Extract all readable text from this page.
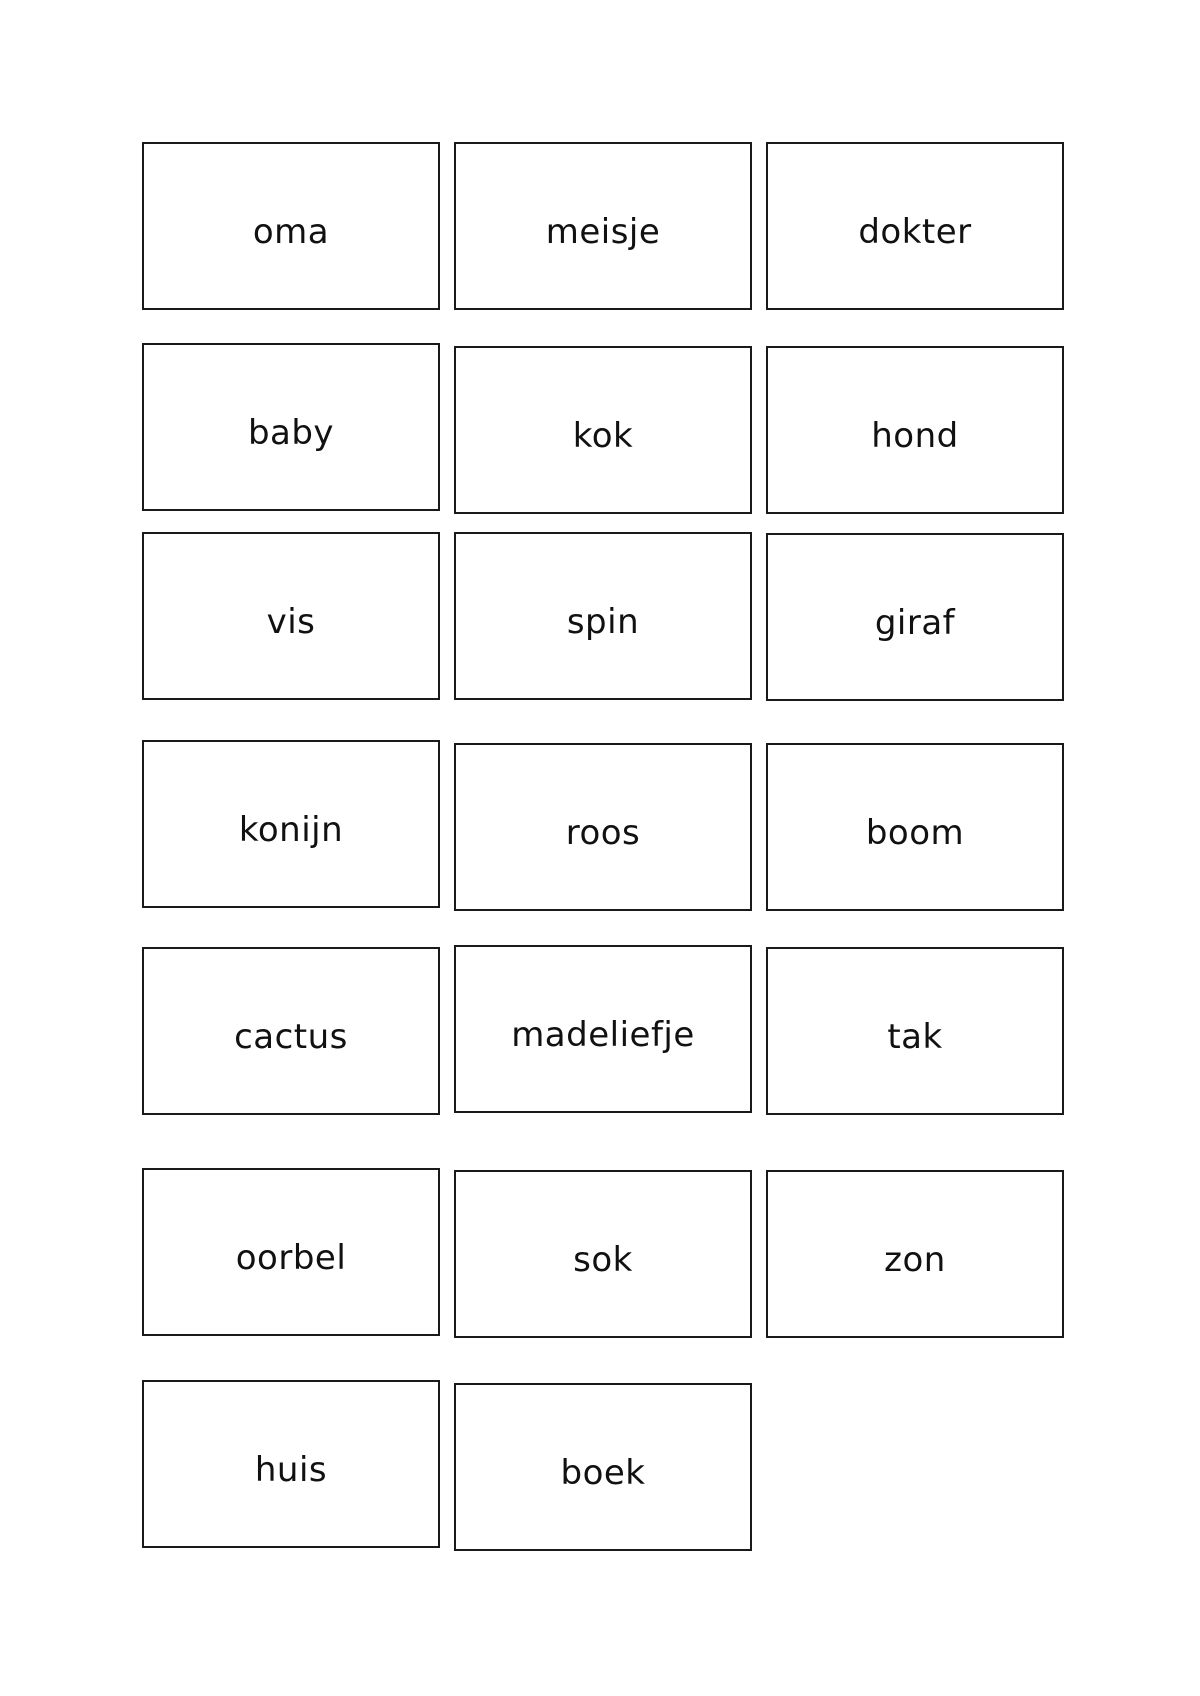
oma	meisje	dokter
baby	kok	hond
vis	spin	giraf
konijn	roos	boom
cactus	madeliefje	tak
oorbel	sok	zon
huis	boek
